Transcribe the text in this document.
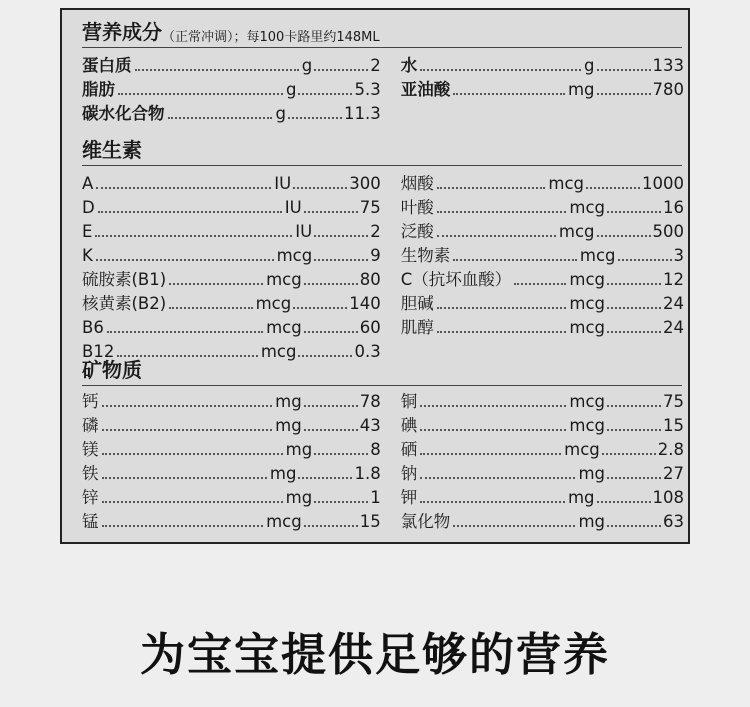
营养成分 （正常冲调）；每100卡路里约148ML
蛋白质	g	2
脂肪	g	5.3
碳水化合物	g	11.3
水	g	133
亚油酸	mg	780
维生素
A	IU	300
D	IU	75
E	IU	2
K	mcg	9
硫胺素(B1)	mcg	80
核黄素(B2)	mcg	140
B6	mcg	60
B12	mcg	0.3
烟酸	mcg	1000
叶酸	mcg	16
泛酸	mcg	500
生物素	mcg	3
C（抗坏血酸）	mcg	12
胆碱	mcg	24
肌醇	mcg	24
矿物质
钙	mg	78
磷	mg	43
镁	mg	8
铁	mg	1.8
锌	mg	1
锰	mcg	15
铜	mcg	75
碘	mcg	15
硒	mcg	2.8
钠	mg	27
钾	mg	108
氯化物	mg	63
为宝宝提供足够的营养
